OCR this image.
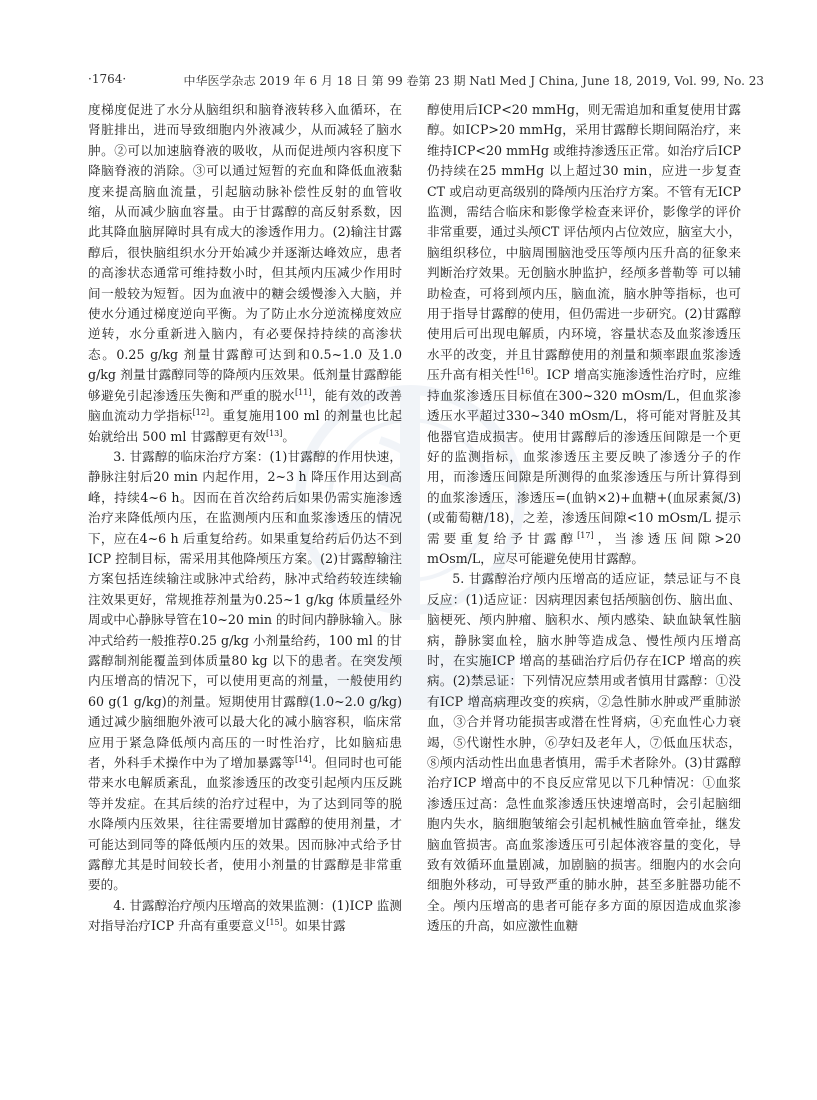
·1764·	中华医学杂志 2019 年 6 月 18 日 第 99 卷第 23 期 Natl Med J China, June 18, 2019, Vol. 99, No. 23

度梯度促进了水分从脑组织和脑脊液转移入血循环，在肾脏排出，进而导致细胞内外液减少，从而减轻了脑水肿。②可以加速脑脊液的吸收，从而促进颅内容积度下降脑脊液的消除。③可以通过短暂的充血和降低血液黏度来提高脑血流量，引起脑动脉补偿性反射的血管收缩，从而减少脑血容量。由于甘露醇的高反射系数，因此其降血脑屏障时具有成大的渗透作用力。(2)输注甘露醇后，很快脑组织水分开始减少并逐渐达峰效应，患者的高渗状态通常可维持数小时，但其颅内压减少作用时间一般较为短暂。因为血液中的糖会缓慢渗入大脑，并使水分通过梯度逆向平衡。为了防止水分逆流梯度效应逆转，水分重新进入脑内，有必要保持持续的高渗状态。0.25 g/kg 剂量甘露醇可达到和0.5~1.0 及1.0 g/kg 剂量甘露醇同等的降颅内压效果。低剂量甘露醇能够避免引起渗透压失衡和严重的脱水[11]，能有效的改善脑血流动力学指标[12]。重复施用100 ml 的剂量也比起始就给出 500 ml 甘露醇更有效[13]。

3. 甘露醇的临床治疗方案：(1)甘露醇的作用快速，静脉注射后20 min 内起作用，2~3 h 降压作用达到高峰，持续4~6 h。因而在首次给药后如果仍需实施渗透治疗来降低颅内压，在监测颅内压和血浆渗透压的情况下，应在4~6 h 后重复给药。如果重复给药后仍达不到ICP 控制目标，需采用其他降颅压方案。(2)甘露醇输注方案包括连续输注或脉冲式给药，脉冲式给药较连续输注效果更好，常规推荐剂量为0.25~1 g/kg 体质量经外周或中心静脉导管在10~20 min 的时间内静脉输入。脉冲式给药一般推荐0.25 g/kg 小剂量给药，100 ml 的甘露醇制剂能覆盖到体质量80 kg 以下的患者。在突发颅内压增高的情况下，可以使用更高的剂量，一般使用约60 g(1 g/kg)的剂量。短期使用甘露醇(1.0~2.0 g/kg)通过减少脑细胞外液可以最大化的减小脑容积，临床常应用于紧急降低颅内高压的一时性治疗，比如脑疝患者，外科手术操作中为了增加暴露等[14]。但同时也可能带来水电解质紊乱，血浆渗透压的改变引起颅内压反跳等并发症。在其后续的治疗过程中，为了达到同等的脱水降颅内压效果，往往需要增加甘露醇的使用剂量，才可能达到同等的降低颅内压的效果。因而脉冲式给予甘露醇尤其是时间较长者，使用小剂量的甘露醇是非常重要的。

4. 甘露醇治疗颅内压增高的效果监测：(1)ICP 监测对指导治疗ICP 升高有重要意义[15]。如果甘露

醇使用后ICP<20 mmHg，则无需追加和重复使用甘露醇。如ICP>20 mmHg，采用甘露醇长期间隔治疗，来维持ICP<20 mmHg 或维持渗透压正常。如治疗后ICP 仍持续在25 mmHg 以上超过30 min，应进一步复查CT 或启动更高级别的降颅内压治疗方案。不管有无ICP 监测，需结合临床和影像学检查来评价，影像学的评价非常重要，通过头颅CT 评估颅内占位效应，脑室大小，脑组织移位，中脑周围脑池受压等颅内压升高的征象来判断治疗效果。无创脑水肿监护，经颅多普勒等 可以辅助检查，可将到颅内压，脑血流，脑水肿等指标，也可用于指导甘露醇的使用，但仍需进一步研究。(2)甘露醇使用后可出现电解质，内环境，容量状态及血浆渗透压水平的改变，并且甘露醇使用的剂量和频率跟血浆渗透压升高有相关性[16]。ICP 增高实施渗透性治疗时，应维持血浆渗透压目标值在300~320 mOsm/L，但血浆渗透压水平超过330~340 mOsm/L，将可能对肾脏及其他器官造成损害。使用甘露醇后的渗透压间隙是一个更好的监测指标，血浆渗透压主要反映了渗透分子的作用，而渗透压间隙是所测得的血浆渗透压与所计算得到的血浆渗透压，渗透压=(血钠×2)+血糖+(血尿素氮/3)(或葡萄糖/18)，之差，渗透压间隙<10 mOsm/L 提示需要重复给予甘露醇[17]，当渗透压间隙>20 mOsm/L，应尽可能避免使用甘露醇。

5. 甘露醇治疗颅内压增高的适应证，禁忌证与不良反应：(1)适应证：因病理因素包括颅脑创伤、脑出血、脑梗死、颅内肿瘤、脑积水、颅内感染、缺血缺氧性脑病，静脉窦血栓，脑水肿等造成急、慢性颅内压增高时，在实施ICP 增高的基础治疗后仍存在ICP 增高的疾病。(2)禁忌证：下列情况应禁用或者慎用甘露醇：①没有ICP 增高病理改变的疾病，②急性肺水肿或严重肺淤血，③合并肾功能损害或潜在性肾病，④充血性心力衰竭，⑤代谢性水肿，⑥孕妇及老年人，⑦低血压状态，⑧颅内活动性出血患者慎用，需手术者除外。(3)甘露醇治疗ICP 增高中的不良反应常见以下几种情况：①血浆渗透压过高：急性血浆渗透压快速增高时，会引起脑细胞内失水，脑细胞皱缩会引起机械性脑血管牵扯，继发脑血管损害。高血浆渗透压可引起体液容量的变化，导致有效循环血量剧减，加剧脑的损害。细胞内的水会向细胞外移动，可导致严重的肺水肿，甚至多脏器功能不全。颅内压增高的患者可能存多方面的原因造成血浆渗透压的升高，如应激性血糖
